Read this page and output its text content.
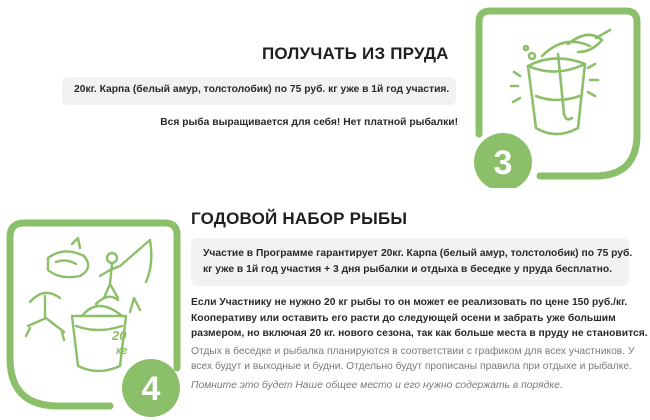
ПОЛУЧАТЬ ИЗ ПРУДА
20кг. Карпа (белый амур, толстолобик) по 75 руб. кг уже в 1й год участия.
Вся рыба выращивается для себя! Нет платной рыбалки!
3
ГОДОВОЙ НАБОР РЫБЫ
Участие в Программе гарантирует 20кг. Карпа (белый амур, толстолобик) по 75 руб.
кг уже в 1й год участия + 3 дня рыбалки и отдыха в беседке у пруда бесплатно.
Если Участнику не нужно 20 кг рыбы то он может ее реализовать по цене 150 руб./кг.
Кооперативу или оставить его расти до следующей осени и забрать уже большим
размером, но включая 20 кг. нового сезона, так как больше места в пруду не становится.
Отдых в беседке и рыбалка планируются в соответствии с графиком для всех участников. У
всех будут и выходные и будни. Отдельно будут прописаны правила при отдыхе и рыбалке.
Помните это будет Наше общее место и его нужно содержать в порядке.
20
кг
4
